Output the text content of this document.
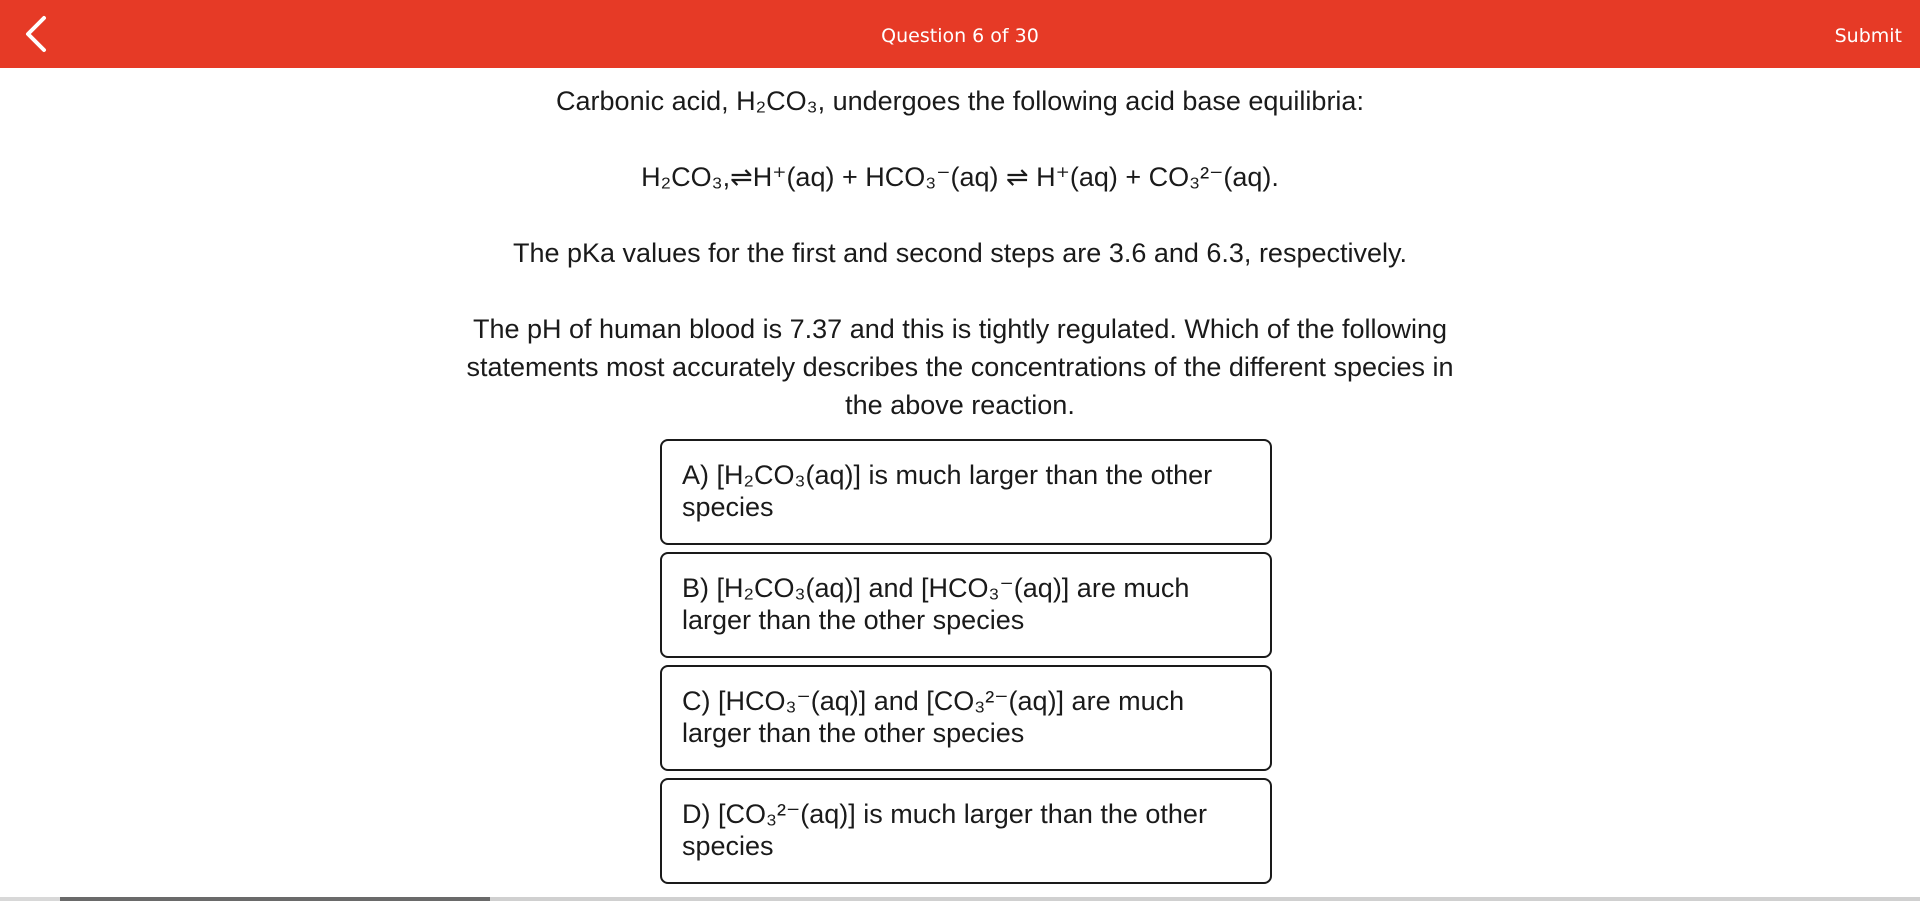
Question 6 of 30	Submit

Carbonic acid, H₂CO₃, undergoes the following acid base equilibria:

H₂CO₃,⇌H⁺(aq) + HCO₃⁻(aq) ⇌ H⁺(aq) + CO₃²⁻(aq).

The pKa values for the first and second steps are 3.6 and 6.3, respectively.

The pH of human blood is 7.37 and this is tightly regulated. Which of the following statements most accurately describes the concentrations of the different species in the above reaction.

A) [H₂CO₃(aq)] is much larger than the other species
B) [H₂CO₃(aq)] and [HCO₃⁻(aq)] are much larger than the other species
C) [HCO₃⁻(aq)] and [CO₃²⁻(aq)] are much larger than the other species
D) [CO₃²⁻(aq)] is much larger than the other species
